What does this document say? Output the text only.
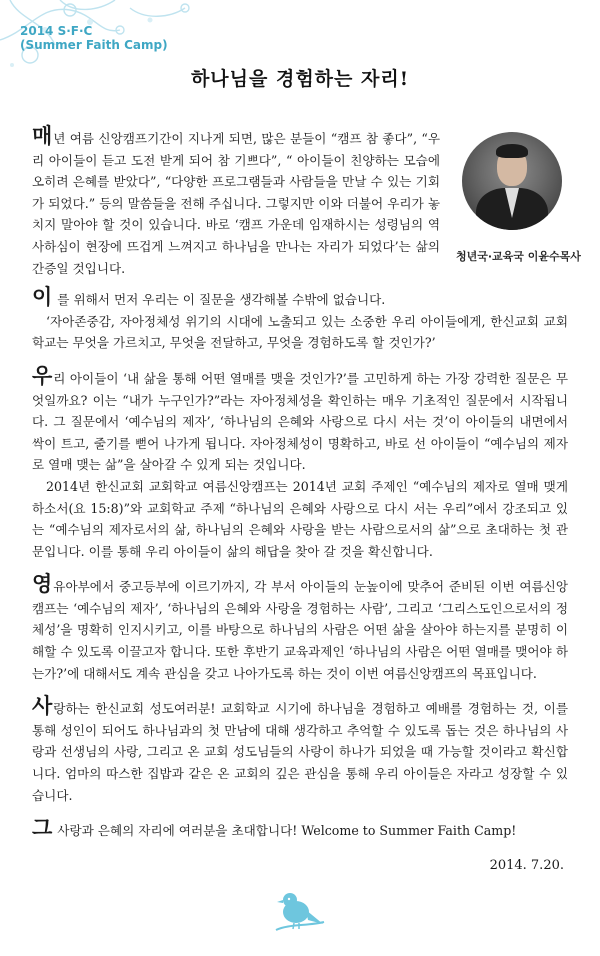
2014 S·F·C
(Summer Faith Camp)
하나님을 경험하는 자리!
매년 여름 신앙캠프기간이 지나게 되면, 많은 분들이 “캠프 참 좋다”, “우리 아이들이 듣고 도전 받게 되어 참 기쁘다”, “ 아이들이 친양하는 모습에 오히려 은혜를 받았다”, “다양한 프로그램들과 사람들을 만날 수 있는 기회가 되었다.” 등의 말씀들을 전해 주십니다. 그렇지만 이와 더불어 우리가 놓치지 말아야 할 것이 있습니다. 바로 ‘캠프 가운데 임재하시는 성령님의 역사하심이 현장에 뜨겁게 느껴지고 하나님을 만나는 자리가 되었다’는 삶의 간증일 것입니다.
청년국·교육국 이윤수목사
이 를 위해서 먼저 우리는 이 질문을 생각해볼 수밖에 없습니다.
‘자아존중감, 자아정체성 위기의 시대에 노출되고 있는 소중한 우리 아이들에게, 한신교회 교회학교는 무엇을 가르치고, 무엇을 전달하고, 무엇을 경험하도록 할 것인가?’
우리 아이들이 ‘내 삶을 통해 어떤 열매를 맺을 것인가?’를 고민하게 하는 가장 강력한 질문은 무엇일까요? 이는 “내가 누구인가?”라는 자아정체성을 확인하는 매우 기초적인 질문에서 시작됩니다. 그 질문에서 ‘예수님의 제자’, ‘하나님의 은혜와 사랑으로 다시 서는 것’이 아이들의 내면에서 싹이 트고, 줄기를 뻗어 나가게 됩니다. 자아정체성이 명확하고, 바로 선 아이들이 “예수님의 제자로 열매 맺는 삶”을 살아갈 수 있게 되는 것입니다.
2014년 한신교회 교회학교 여름신앙캠프는 2014년 교회 주제인 “예수님의 제자로 열매 맺게 하소서(요 15:8)”와 교회학교 주제 “하나님의 은혜와 사랑으로 다시 서는 우리”에서 강조되고 있는 “예수님의 제자로서의 삶, 하나님의 은혜와 사랑을 받는 사람으로서의 삶”으로 초대하는 첫 관문입니다. 이를 통해 우리 아이들이 삶의 해답을 찾아 갈 것을 확신합니다.
영유아부에서 중고등부에 이르기까지, 각 부서 아이들의 눈높이에 맞추어 준비된 이번 여름신앙캠프는 ‘예수님의 제자’, ‘하나님의 은혜와 사랑을 경험하는 사람’, 그리고 ‘그리스도인으로서의 정체성’을 명확히 인지시키고, 이를 바탕으로 하나님의 사람은 어떤 삶을 살아야 하는지를 분명히 이해할 수 있도록 이끌고자 합니다. 또한 후반기 교육과제인 ‘하나님의 사람은 어떤 열매를 맺어야 하는가?’에 대해서도 계속 관심을 갖고 나아가도록 하는 것이 이번 여름신앙캠프의 목표입니다.
사랑하는 한신교회 성도여러분! 교회학교 시기에 하나님을 경험하고 예배를 경험하는 것, 이를 통해 성인이 되어도 하나님과의 첫 만남에 대해 생각하고 추억할 수 있도록 돕는 것은 하나님의 사랑과 선생님의 사랑, 그리고 온 교회 성도님들의 사랑이 하나가 되었을 때 가능할 것이라고 확신합니다. 엄마의 따스한 집밥과 같은 온 교회의 깊은 관심을 통해 우리 아이들은 자라고 성장할 수 있습니다.
그 사랑과 은혜의 자리에 여러분을 초대합니다! Welcome to Summer Faith Camp!
2014. 7.20.
